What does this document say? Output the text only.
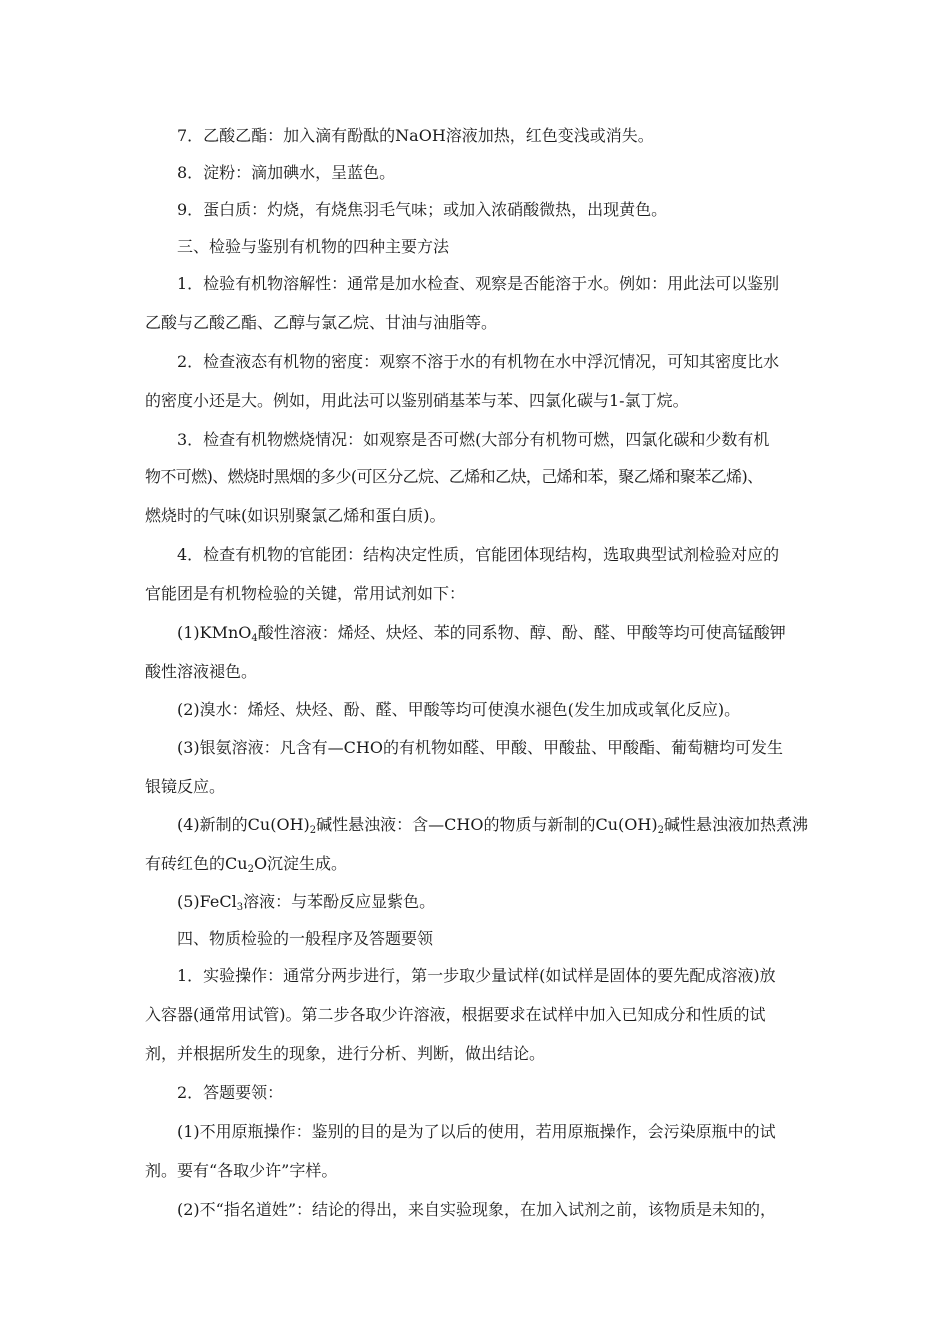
7．乙酸乙酯：加入滴有酚酞的NaOH溶液加热，红色变浅或消失。
8．淀粉：滴加碘水，呈蓝色。
9．蛋白质：灼烧，有烧焦羽毛气味；或加入浓硝酸微热，出现黄色。
三、检验与鉴别有机物的四种主要方法
1．检验有机物溶解性：通常是加水检查、观察是否能溶于水。例如：用此法可以鉴别
乙酸与乙酸乙酯、乙醇与氯乙烷、甘油与油脂等。
2．检查液态有机物的密度：观察不溶于水的有机物在水中浮沉情况，可知其密度比水
的密度小还是大。例如，用此法可以鉴别硝基苯与苯、四氯化碳与1-氯丁烷。
3．检查有机物燃烧情况：如观察是否可燃(大部分有机物可燃，四氯化碳和少数有机
物不可燃)、燃烧时黑烟的多少(可区分乙烷、乙烯和乙炔，己烯和苯，聚乙烯和聚苯乙烯)、
燃烧时的气味(如识别聚氯乙烯和蛋白质)。
4．检查有机物的官能团：结构决定性质，官能团体现结构，选取典型试剂检验对应的
官能团是有机物检验的关键，常用试剂如下：
(1)KMnO$_4$酸性溶液：烯烃、炔烃、苯的同系物、醇、酚、醛、甲酸等均可使高锰酸钾
酸性溶液褪色。
(2)溴水：烯烃、炔烃、酚、醛、甲酸等均可使溴水褪色(发生加成或氧化反应)。
(3)银氨溶液：凡含有—CHO的有机物如醛、甲酸、甲酸盐、甲酸酯、葡萄糖均可发生
银镜反应。
(4)新制的$Cu(OH)_2$碱性悬浊液：含—CHO的物质与新制的$Cu(OH)_2$碱性悬浊液加热煮沸
有砖红色的$Cu_2O$沉淀生成。
(5)FeCl$_3$溶液：与苯酚反应显紫色。
四、物质检验的一般程序及答题要领
1．实验操作：通常分两步进行，第一步取少量试样(如试样是固体的要先配成溶液)放
入容器(通常用试管)。第二步各取少许溶液，根据要求在试样中加入已知成分和性质的试
剂，并根据所发生的现象，进行分析、判断，做出结论。
2．答题要领：
(1)不用原瓶操作：鉴别的目的是为了以后的使用，若用原瓶操作，会污染原瓶中的试
剂。要有“各取少许”字样。
(2)不“指名道姓”：结论的得出，来自实验现象，在加入试剂之前，该物质是未知的，
